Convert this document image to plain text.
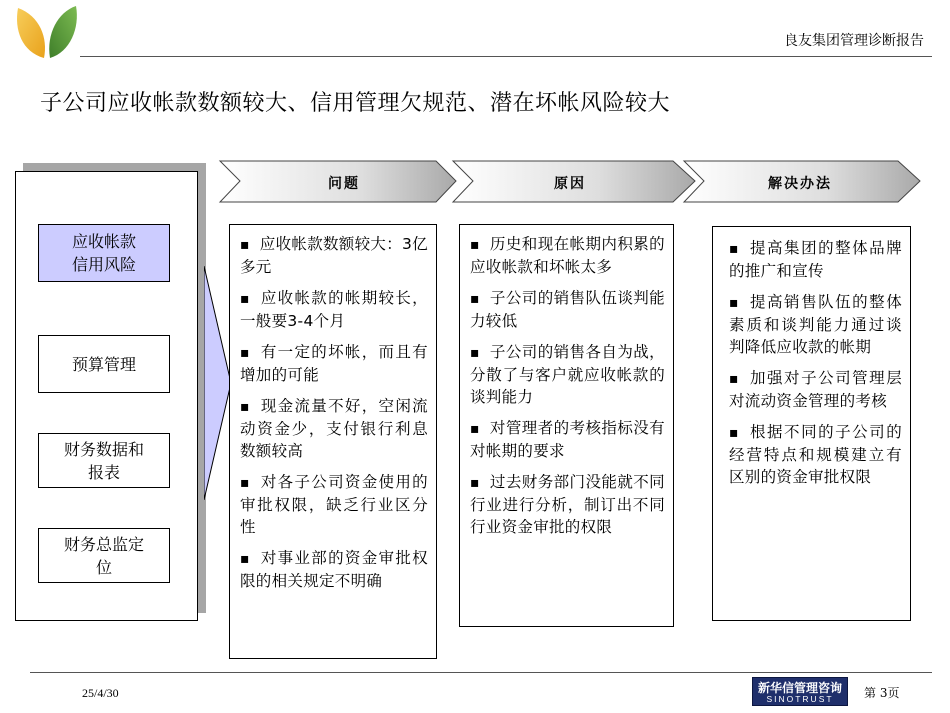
良友集团管理诊断报告
子公司应收帐款数额较大、信用管理欠规范、潜在坏帐风险较大
应收帐款
信用风险
预算管理
财务数据和
报表
财务总监定
位
问题	原因	解决办法
▪ 应收帐款数额较大：3亿多元
▪ 应收帐款的帐期较长，一般要3-4个月
▪ 有一定的坏帐，而且有增加的可能
▪ 现金流量不好，空闲流动资金少，支付银行利息数额较高
▪ 对各子公司资金使用的审批权限，缺乏行业区分性
▪ 对事业部的资金审批权限的相关规定不明确
▪ 历史和现在帐期内积累的应收帐款和坏帐太多
▪ 子公司的销售队伍谈判能力较低
▪ 子公司的销售各自为战，分散了与客户就应收帐款的谈判能力
▪ 对管理者的考核指标没有对帐期的要求
▪ 过去财务部门没能就不同行业进行分析，制订出不同行业资金审批的权限
▪ 提高集团的整体品牌的推广和宣传
▪ 提高销售队伍的整体素质和谈判能力通过谈判降低应收款的帐期
▪ 加强对子公司管理层对流动资金管理的考核
▪ 根据不同的子公司的经营特点和规模建立有区别的资金审批权限
25/4/30	新华信管理咨询
SINOTRUST	第 3页
